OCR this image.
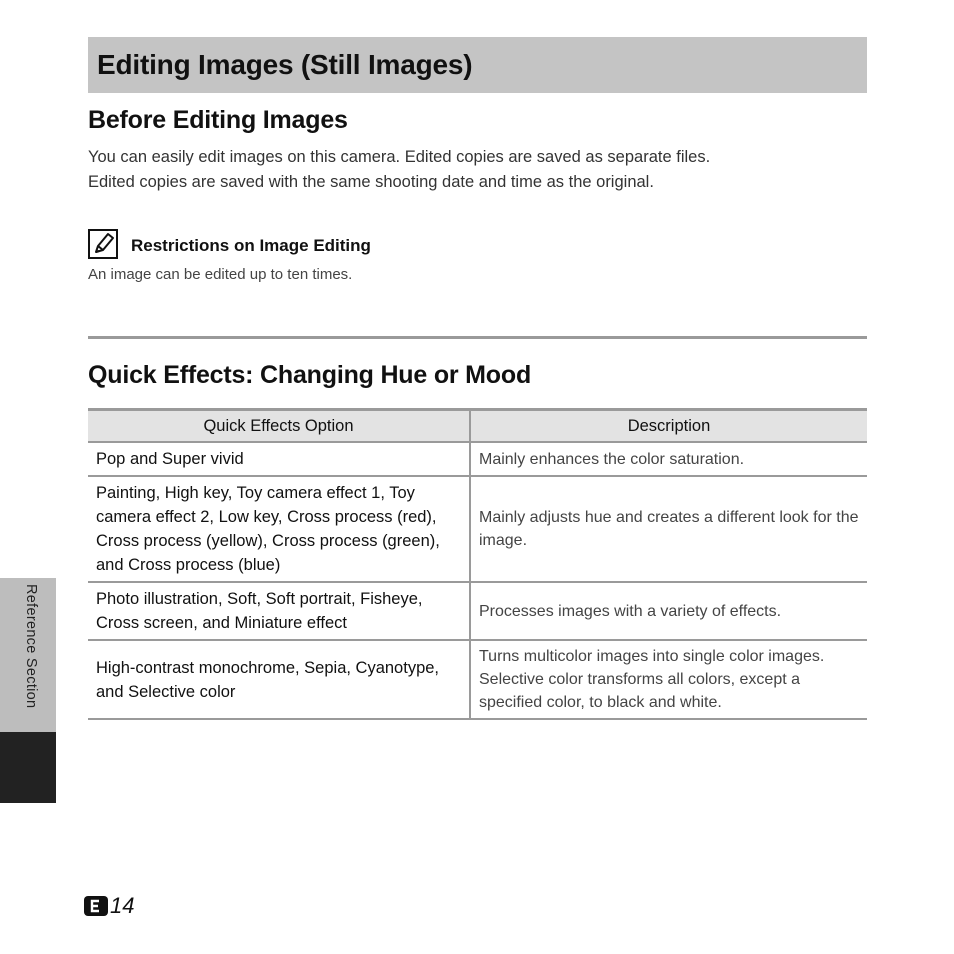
Editing Images (Still Images)
Before Editing Images

You can easily edit images on this camera. Edited copies are saved as separate files.

Edited copies are saved with the same shooting date and time as the original.

Restrictions on Image Editing

An image can be edited up to ten times.

Quick Effects: Changing Hue or Mood
Quick Effects Option	Description
Pop and Super vivid	Mainly enhances the color saturation.
Painting, High key, Toy camera effect 1, Toy camera effect 2, Low key, Cross process (red), Cross process (yellow), Cross process (green), and Cross process (blue)	Mainly adjusts hue and creates a different look for the image.
Photo illustration, Soft, Soft portrait, Fisheye, Cross screen, and Miniature effect	Processes images with a variety of effects.
High-contrast monochrome, Sepia, Cyanotype, and Selective color	Turns multicolor images into single color images. Selective color transforms all colors, except a specified color, to black and white.
Reference Section
14
